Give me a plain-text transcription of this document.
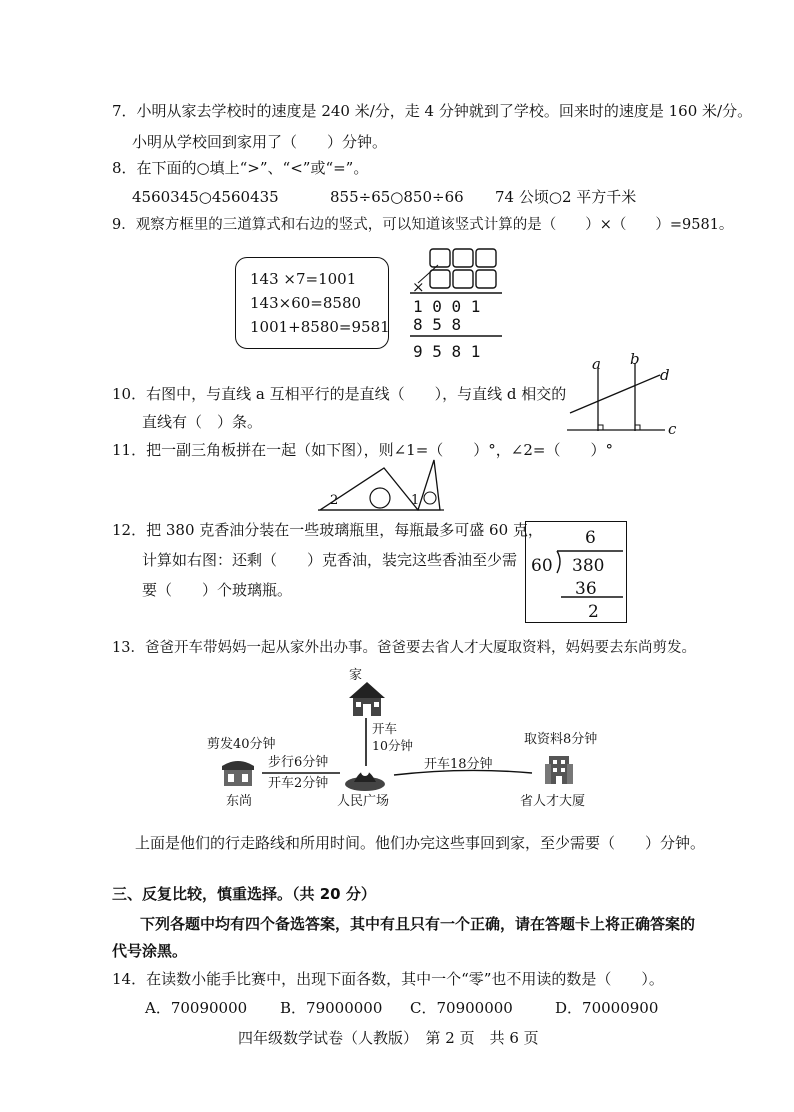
7．小明从家去学校时的速度是 240 米/分，走 4 分钟就到了学校。回来时的速度是 160 米/分。
小明从学校回到家用了（　　）分钟。
8．在下面的○填上“>”、“<”或“=”。
4560345○4560435	855÷65○850÷66 74 公顷○2 平方千米
9．观察方框里的三道算式和右边的竖式，可以知道该竖式计算的是（　　）×（　　）=9581。
143 ×7=1001
143×60=8580
1001+8580=9581
×
1 0 0 1
8 5 8
9 5 8 1
10．右图中，与直线 a 互相平行的是直线（　　），与直线 d 相交的
直线有（　）条。
a b
c
d
11．把一副三角板拼在一起（如下图），则∠1=（　　）°，∠2=（　　）°
2	1
12．把 380 克香油分装在一些玻璃瓶里，每瓶最多可盛 60 克，
计算如右图：还剩（　　）克香油，装完这些香油至少需
要（　　）个玻璃瓶。
6
60 380
36
2
13．爸爸开车带妈妈一起从家外出办事。爸爸要去省人才大厦取资料，妈妈要去东尚剪发。
家
开车
10分钟
剪发40分钟
步行6分钟
开车2分钟
东尚	人民广场
开车18分钟
取资料8分钟
省人才大厦
上面是他们的行走路线和所用时间。他们办完这些事回到家，至少需要（　　）分钟。
三、反复比较，慎重选择。（共 20 分）
下列各题中均有四个备选答案，其中有且只有一个正确，请在答题卡上将正确答案的
代号涂黑。
14．在读数小能手比赛中，出现下面各数，其中一个“零”也不用读的数是（　　）。
A．70090000 B．79000000 C．70900000	D．70000900
四年级数学试卷（人教版）　第 2 页　共 6 页
